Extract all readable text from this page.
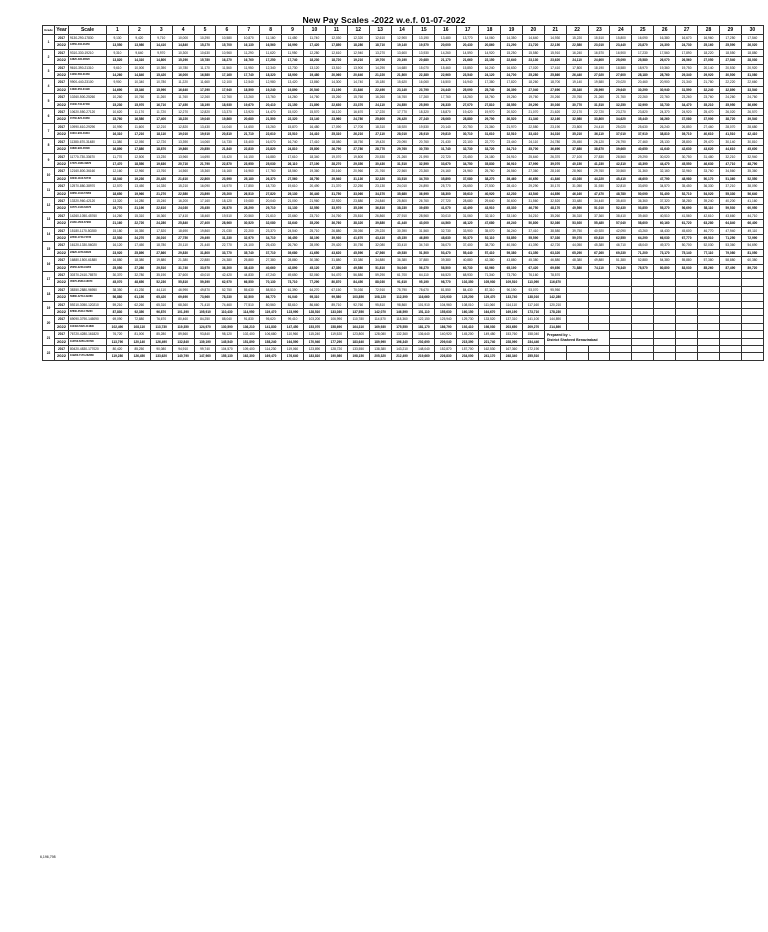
New Pay Scales -2022 w.e.f. 01-07-2022
Grade	Year	Scale	1	2	3	4	5	6	7	8	9	10	11	12	13	14	15	16	17	18	19	20	21	22	23	24	25	26	27	28	29	30
1	2017	9130-290-17830	9,130	9,420	9,710	10,000	10,290	10,580	10,870	11,160	11,450	11,740	12,030	12,320	12,610	12,900	13,190	13,480	13,770	14,060	14,350	14,640	14,930	15,220	15,510	15,800	16,090	16,380	16,670	16,960	17,250	17,540
	2022	13550-430-26450	13,550	13,980	14,410	14,840	15,270	15,700	16,130	16,560	16,990	17,420	17,850	18,280	18,710	19,140	19,570	20,000	20,430	20,860	21,290	21,720	22,150	22,580	23,010	23,440	23,870	24,300	24,730	25,160	25,590	26,020
2	2017	9310-330-19210	9,310	9,640	9,970	10,300	10,630	10,960	11,290	11,620	11,950	12,280	12,610	12,940	13,270	13,600	13,930	14,260	14,590	14,920	15,250	15,580	15,910	16,240	16,570	16,900	17,230	17,560	17,890	18,220	18,550	18,880
	2022	13820-490-28520	13,820	14,310	14,800	15,290	15,780	16,270	16,760	17,250	17,740	18,230	18,720	19,210	19,700	20,190	20,680	21,170	21,660	22,150	22,640	23,130	23,620	24,110	24,600	25,090	25,580	26,070	26,560	27,050	27,540	28,030
3	2017	9610-390-21310	9,610	10,000	10,390	10,780	11,170	11,560	11,950	12,340	12,730	13,120	13,510	13,900	14,290	14,680	15,070	15,460	15,850	16,240	16,630	17,020	17,410	17,800	18,190	18,580	18,970	19,360	19,750	20,140	20,530	20,920
	2022	14260-580-31660	14,260	14,840	15,420	16,000	16,580	17,160	17,740	18,320	18,900	19,480	20,060	20,640	21,220	21,800	22,380	22,960	23,540	24,120	24,700	25,280	25,860	26,440	27,020	27,600	28,180	28,760	29,340	29,920	30,500	31,080
4	2017	9900-440-23100	9,900	10,340	10,780	11,220	11,660	12,100	12,540	12,980	13,420	13,860	14,300	14,740	15,180	15,620	16,060	16,500	16,940	17,380	17,820	18,260	18,700	19,140	19,580	20,020	20,460	20,900	21,340	21,780	22,220	22,660
	2022	14690-650-34190	14,690	15,340	15,990	16,640	17,290	17,940	18,590	19,240	19,890	20,540	21,190	21,840	22,490	23,140	23,790	24,440	25,090	25,740	26,390	27,040	27,690	28,340	28,990	29,640	30,290	30,940	31,590	32,240	32,890	33,540
5	2017	10260-500-25260	10,260	10,760	11,260	11,760	12,260	12,760	13,260	13,760	14,260	14,760	15,260	15,760	16,260	16,760	17,260	17,760	18,260	18,760	19,260	19,760	20,260	20,760	21,260	21,760	22,260	22,760	23,260	23,760	24,260	24,760
	2022	15230-740-37430	15,230	15,970	16,710	17,450	18,190	18,930	19,670	20,410	21,150	21,890	22,630	23,370	24,110	24,850	25,590	26,330	27,070	27,810	28,550	29,290	30,030	30,770	31,510	32,250	32,990	33,730	34,470	35,210	35,950	36,690
6	2017	10620-550-27120	10,620	11,170	11,720	12,270	12,820	13,370	13,920	14,470	15,020	15,570	16,120	16,670	17,220	17,770	18,320	18,870	19,420	19,970	20,520	21,070	21,620	22,170	22,720	23,270	23,820	24,370	24,920	25,470	26,020	26,570
	2022	15760-820-40360	15,760	16,580	17,400	18,220	19,040	19,860	20,680	21,500	22,320	23,140	23,960	24,780	25,600	26,420	27,240	28,060	28,880	29,700	30,520	31,340	32,160	32,980	33,800	34,620	35,440	36,260	37,080	37,900	38,720	39,540
7	2017	10990-610-29290	10,990	11,600	12,210	12,820	13,430	14,040	14,650	15,260	15,870	16,480	17,090	17,700	18,310	18,920	19,530	20,140	20,750	21,360	21,970	22,580	23,190	23,800	24,410	25,020	25,630	26,240	26,850	27,460	28,070	28,680
	2022	16310-900-43310	16,310	17,210	18,110	19,010	19,910	20,810	21,710	22,610	23,510	24,410	25,310	26,210	27,110	28,010	28,910	29,810	30,710	31,610	32,510	33,410	34,310	35,210	36,110	37,010	37,910	38,810	39,710	40,610	41,510	42,410
8	2017	11380-670-31480	11,380	12,050	12,720	13,390	14,060	14,730	15,400	16,070	16,740	17,410	18,080	18,750	19,420	20,090	20,760	21,430	22,100	22,770	23,440	24,110	24,780	25,450	26,120	26,790	27,460	28,130	28,800	29,470	30,140	30,810
	2022	16890-990-46590	16,890	17,880	18,870	19,860	20,850	21,840	22,830	23,820	24,810	25,800	26,790	27,780	28,770	29,760	30,750	31,740	32,730	33,720	34,710	35,700	36,690	37,680	38,670	39,660	40,650	41,640	42,630	43,620	44,610	45,600
9	2017	11770-730-33670	11,770	12,500	13,230	13,960	14,690	15,420	16,150	16,880	17,610	18,340	19,070	19,800	20,530	21,260	21,990	22,720	23,450	24,180	24,910	25,640	26,370	27,100	27,830	28,560	29,290	30,020	30,750	31,480	32,210	32,940
	2022	17470-1080-49870	17,470	18,550	19,630	20,710	21,790	22,870	23,950	25,030	26,110	27,190	28,270	29,350	30,430	31,510	32,590	33,670	34,750	35,830	36,910	37,990	39,070	40,150	41,230	42,310	43,390	44,470	45,550	46,630	47,710	48,790
10	2017	12160-800-36160	12,160	12,960	13,760	14,560	15,360	16,160	16,960	17,760	18,560	19,360	20,160	20,960	21,760	22,560	23,360	24,160	24,960	25,760	26,560	27,360	28,160	28,960	29,760	30,560	31,360	32,160	32,960	33,760	34,560	35,360
	2022	18040-1190-53740	18,040	19,230	20,420	21,610	22,800	23,990	25,180	26,370	27,560	28,750	29,940	31,130	32,320	33,510	34,700	35,890	37,080	38,270	39,460	40,650	41,840	43,030	44,220	45,410	46,600	47,790	48,980	50,170	51,360	52,550
11	2017	12570-880-38970	12,570	13,450	14,330	15,210	16,090	16,970	17,850	18,730	19,610	20,490	21,370	22,250	23,130	24,010	24,890	25,770	26,650	27,530	28,410	29,290	30,170	31,050	31,930	32,810	33,690	34,570	35,450	36,330	37,210	38,090
	2022	18650-1310-57950	18,650	19,960	21,270	22,580	23,890	25,200	26,510	27,820	29,130	30,440	31,750	33,060	34,370	35,680	36,990	38,300	39,610	40,920	42,230	43,540	44,850	46,160	47,470	48,780	50,090	51,400	52,710	54,020	55,330	56,640
12	2017	13320-960-42120	13,320	14,280	15,240	16,200	17,160	18,120	19,080	20,040	21,000	21,960	22,920	23,880	24,840	25,800	26,760	27,720	28,680	29,640	30,600	31,560	32,520	33,480	34,440	35,400	36,360	37,320	38,280	39,240	40,200	41,160
	2022	19770-1420-62370	19,770	21,190	22,610	24,030	25,450	26,870	28,290	29,710	31,130	32,550	33,970	35,390	36,810	38,230	39,650	41,070	42,490	43,910	45,330	46,750	48,170	49,590	51,010	52,430	53,850	55,270	56,690	58,110	59,530	60,950
13	2017	14260-1050-45760	14,260	15,310	16,360	17,410	18,460	19,510	20,560	21,610	22,660	23,710	24,760	25,810	26,860	27,910	28,960	30,010	31,060	32,110	33,160	34,210	35,260	36,310	37,360	38,410	39,460	40,510	41,560	42,610	43,660	44,710
	2022	21160-1560-67960	21,160	22,720	24,280	25,840	27,400	28,960	30,520	32,080	33,640	35,200	36,760	38,320	39,880	41,440	43,000	44,560	46,120	47,680	49,240	50,800	52,360	53,920	55,480	57,040	58,600	60,160	61,720	63,280	64,840	66,400
14	2017	15180-1170-50280	15,180	16,350	17,520	18,690	19,860	21,030	22,200	23,370	24,540	25,710	26,880	28,050	29,220	30,390	31,560	32,730	33,900	35,070	36,240	37,410	38,580	39,750	40,920	42,090	43,260	44,430	45,600	46,770	47,940	49,110
	2022	22530-1740-74730	22,530	24,270	26,010	27,750	29,490	31,230	32,970	34,710	36,450	38,190	39,930	41,670	43,410	45,150	46,890	48,630	50,370	52,110	53,850	55,590	57,330	59,070	60,810	62,550	64,290	66,030	67,770	69,510	71,250	72,990
15	2017	16120-1330-56020	16,120	17,450	18,780	20,110	21,440	22,770	24,100	25,430	26,760	28,090	29,420	30,750	32,080	33,410	34,740	36,070	37,400	38,730	40,060	41,390	42,720	44,050	45,380	46,710	48,040	49,370	50,700	52,030	53,360	54,690
	2022	23920-1970-83020	23,920	25,890	27,860	29,830	31,800	33,770	35,740	37,710	39,680	41,650	43,620	45,590	47,560	49,530	51,500	53,470	55,440	57,410	59,380	61,350	63,320	65,290	67,260	69,230	71,200	73,170	75,140	77,110	79,080	81,050
16	2017	16880-1500-61880	16,880	18,380	19,880	21,380	22,880	24,380	25,880	27,380	28,880	30,380	31,880	33,380	34,880	36,380	37,880	39,380	40,880	42,380	43,880	45,380	46,880	48,380	49,880	51,380	52,880	54,380	55,880	57,380	58,880	60,380
	2022	25050-2230-91950	25,050	27,280	29,510	31,740	33,970	36,200	38,430	40,660	42,890	45,120	47,350	49,580	51,810	54,040	56,270	58,500	60,730	62,960	65,190	67,420	69,650	71,880	74,110	76,340	78,570	80,800	83,030	85,260	87,490	89,720
17	2017	30370-2410-78570	30,370	32,780	35,190	37,600	40,010	42,420	44,830	47,240	49,650	52,060	54,470	56,880	59,290	61,700	64,110	66,520	68,930	71,340	73,750	76,160	78,570									
	2022	45070-3580-116670	45,070	48,650	52,230	55,810	59,390	62,970	66,550	70,130	73,710	77,290	80,870	84,450	88,030	91,610	95,190	98,770	102,350	105,930	109,510	113,090	116,670									
18	2017	38350-2880-96950	38,350	41,230	44,110	46,990	49,870	52,750	55,630	58,510	61,390	64,270	67,150	70,030	72,910	75,790	78,670	81,550	84,430	87,310	90,190	93,070	95,950									
	2022	56880-4270-142280	56,880	61,150	65,420	69,690	73,960	78,230	82,500	86,770	91,040	95,310	99,580	103,850	108,120	112,390	116,660	120,930	125,200	129,470	133,740	138,010	142,280									
19	2017	59210-3050-120210	59,210	62,260	65,310	68,360	71,410	74,460	77,510	80,560	83,610	86,660	89,710	92,760	95,810	98,860	101,910	104,960	108,010	111,060	114,110	117,160	120,210									
	2022	87830-4520-178230	87,830	92,350	96,870	101,390	105,910	110,430	114,950	119,470	123,990	128,510	133,030	137,550	142,070	146,590	151,110	155,630	160,150	164,670	169,190	173,710	178,230									
20	2017	69090-3790-145090	69,090	72,880	76,670	80,460	84,250	88,040	91,830	95,620	99,410	103,200	106,990	110,780	114,570	118,360	122,150	125,940	129,730	133,520	137,310	141,100	144,890									
	2022	102490-5620-214890	102,490	108,110	113,730	119,350	124,970	130,590	136,210	141,830	147,450	153,070	158,690	164,310	169,930	175,550	181,170	186,790	192,410	198,030	203,650	209,270	214,890									
21	2017	76720-4280-161820	76,720	81,000	85,280	89,560	93,840	98,120	102,400	106,680	110,960	115,240	119,520	123,800	128,080	132,360	136,640	140,920	145,200	149,480	153,760	158,040	Prepared by :-
District Shaheed Benazirabad									

	2022	113790-6350-240790	113,790	120,140	126,490	132,840	139,190	145,540	151,890	158,240	164,590	170,940	177,290	183,640	189,990	196,340	202,690	209,040	215,390	221,740	228,090	234,440										
22	2017	80420-4830-177020	80,420	85,250	90,080	94,910	99,740	104,570	109,400	114,230	119,060	123,890	128,720	133,550	138,380	143,210	148,040	152,870	157,700	162,530	167,360	172,190										
	2022	119280-7170-262680	119,280	126,450	133,620	140,790	147,960	155,130	162,300	169,470	176,640	183,810	190,980	198,150	205,320	212,490	219,660	226,830	234,000	241,170	248,340	255,510										
6,196,798
